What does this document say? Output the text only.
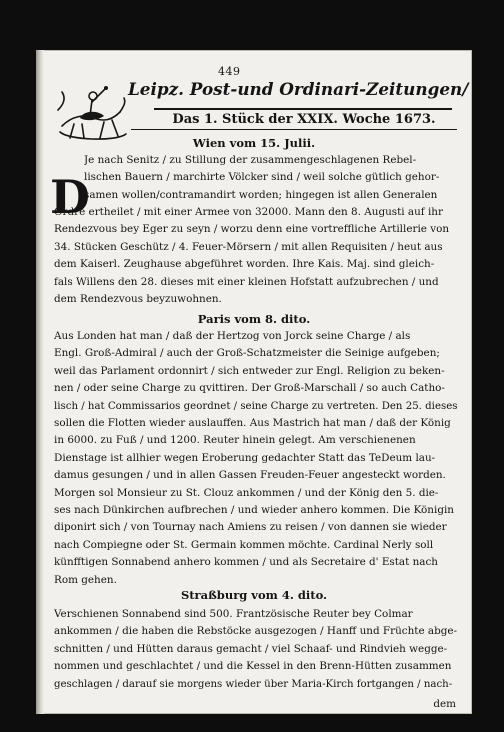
449
Leipz. Post-und Ordinari-Zeitungen/
Das 1. Stück der XXIX. Woche 1673.
Wien vom 15. Julii.
D
Je nach Senitz / zu Stillung der zusammengeschlagenen Rebel-
lischen Bauern / marchirte Völcker sind / weil solche gütlich gehor-
samen wollen/contramandirt worden; hingegen ist allen Generalen
Ordre ertheilet / mit einer Armee von 32000. Mann den 8. Augusti auf ihr
Rendezvous bey Eger zu seyn / worzu denn eine vortreffliche Artillerie von
34. Stücken Geschütz / 4. Feuer-Mörsern / mit allen Requisiten / heut aus
dem Kaiserl. Zeughause abgeführet worden. Ihre Kais. Maj. sind gleich-
fals Willens den 28. dieses mit einer kleinen Hofstatt aufzubrechen / und
dem Rendezvous beyzuwohnen.
Paris vom 8. dito.
Aus Londen hat man / daß der Hertzog von Jorck seine Charge / als
Engl. Groß-Admiral / auch der Groß-Schatzmeister die Seinige aufgeben;
weil das Parlament ordonnirt / sich entweder zur Engl. Religion zu beken-
nen / oder seine Charge zu qvittiren. Der Groß-Marschall / so auch Catho-
lisch / hat Commissarios geordnet / seine Charge zu vertreten. Den 25. dieses
sollen die Flotten wieder auslauffen. Aus Mastrich hat man / daß der König
in 6000. zu Fuß / und 1200. Reuter hinein gelegt. Am verschienenen
Dienstage ist allhier wegen Eroberung gedachter Statt das TeDeum lau-
damus gesungen / und in allen Gassen Freuden-Feuer angesteckt worden.
Morgen sol Monsieur zu St. Clouz ankommen / und der König den 5. die-
ses nach Dünkirchen aufbrechen / und wieder anhero kommen. Die Königin
diponirt sich / von Tournay nach Amiens zu reisen / von dannen sie wieder
nach Compiegne oder St. Germain kommen möchte. Cardinal Nerly soll
künfftigen Sonnabend anhero kommen / und als Secretaire d' Estat nach
Rom gehen.
Straßburg vom 4. dito.
Verschienen Sonnabend sind 500. Frantzösische Reuter bey Colmar
ankommen / die haben die Rebstöcke ausgezogen / Hanff und Früchte abge-
schnitten / und Hütten daraus gemacht / viel Schaaf- und Rindvieh wegge-
nommen und geschlachtet / und die Kessel in den Brenn-Hütten zusammen
geschlagen / darauf sie morgens wieder über Maria-Kirch fortgangen / nach-
dem
